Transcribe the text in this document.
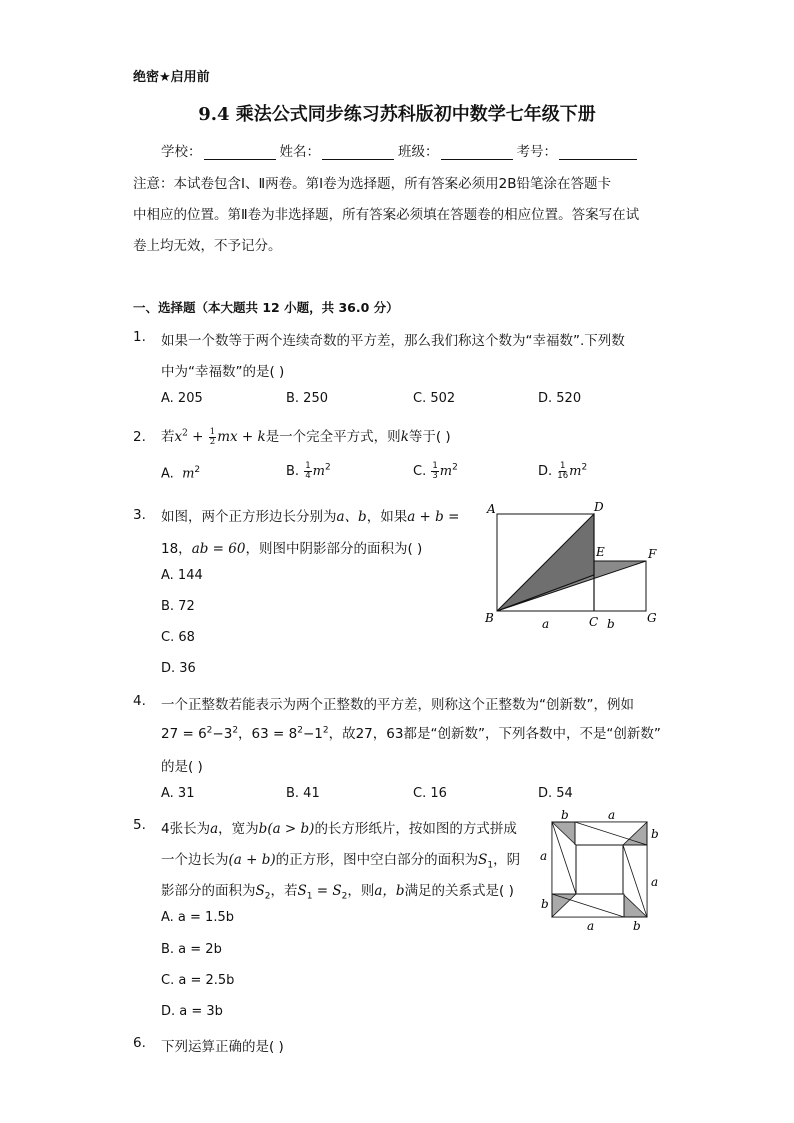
绝密★启用前
9.4 乘法公式同步练习苏科版初中数学七年级下册
学校：	姓名：	班级：	考号：
注意：本试卷包含Ⅰ、Ⅱ两卷。第Ⅰ卷为选择题，所有答案必须用2B铅笔涂在答题卡
中相应的位置。第Ⅱ卷为非选择题，所有答案必须填在答题卷的相应位置。答案写在试
卷上均无效，不予记分。
一、选择题（本大题共 12 小题，共 36.0 分）
1. 如果一个数等于两个连续奇数的平方差，那么我们称这个数为“幸福数”.下列数
中为“幸福数”的是( )
A. 205	B. 250	C. 502	D. 520
2. 若$x^2 + \frac{1}{2}$ mx + k是一个完全平方式，则k等于( )
A. $m^2$	B. $\frac{1}{4} m^2$	C. $\frac{1}{3} m^2$	D. $\frac{1}{16} m^2$
3. 如图，两个正方形边长分别为a、b，如果a + b =
18，ab = 60，则图中阴影部分的面积为( )
A. 144
B. 72
C. 68
D. 36
A	D
E	F
B	C	G
a	b
4. 一个正整数若能表示为两个正整数的平方差，则称这个正整数为“创新数”，例如
$27 = 6^2-3^2$，$63 = 8^2-1^2$，故27，63都是“创新数”，下列各数中，不是“创新数”
的是( )
A. 31	B. 41	C. 16	D. 54
5. 4张长为a，宽为b(a > b)的长方形纸片，按如图的方式拼成
一个边长为(a + b)的正方形，图中空白部分的面积为$S_1$，阴
影部分的面积为$S_2$，若$S_1 = S_2$，则a，b满足的关系式是( )
A. a = 1.5b
B. a = 2b
C. a = 2.5b
D. a = 3b
b	a
b
a
a
b
a	b
6. 下列运算正确的是( )
